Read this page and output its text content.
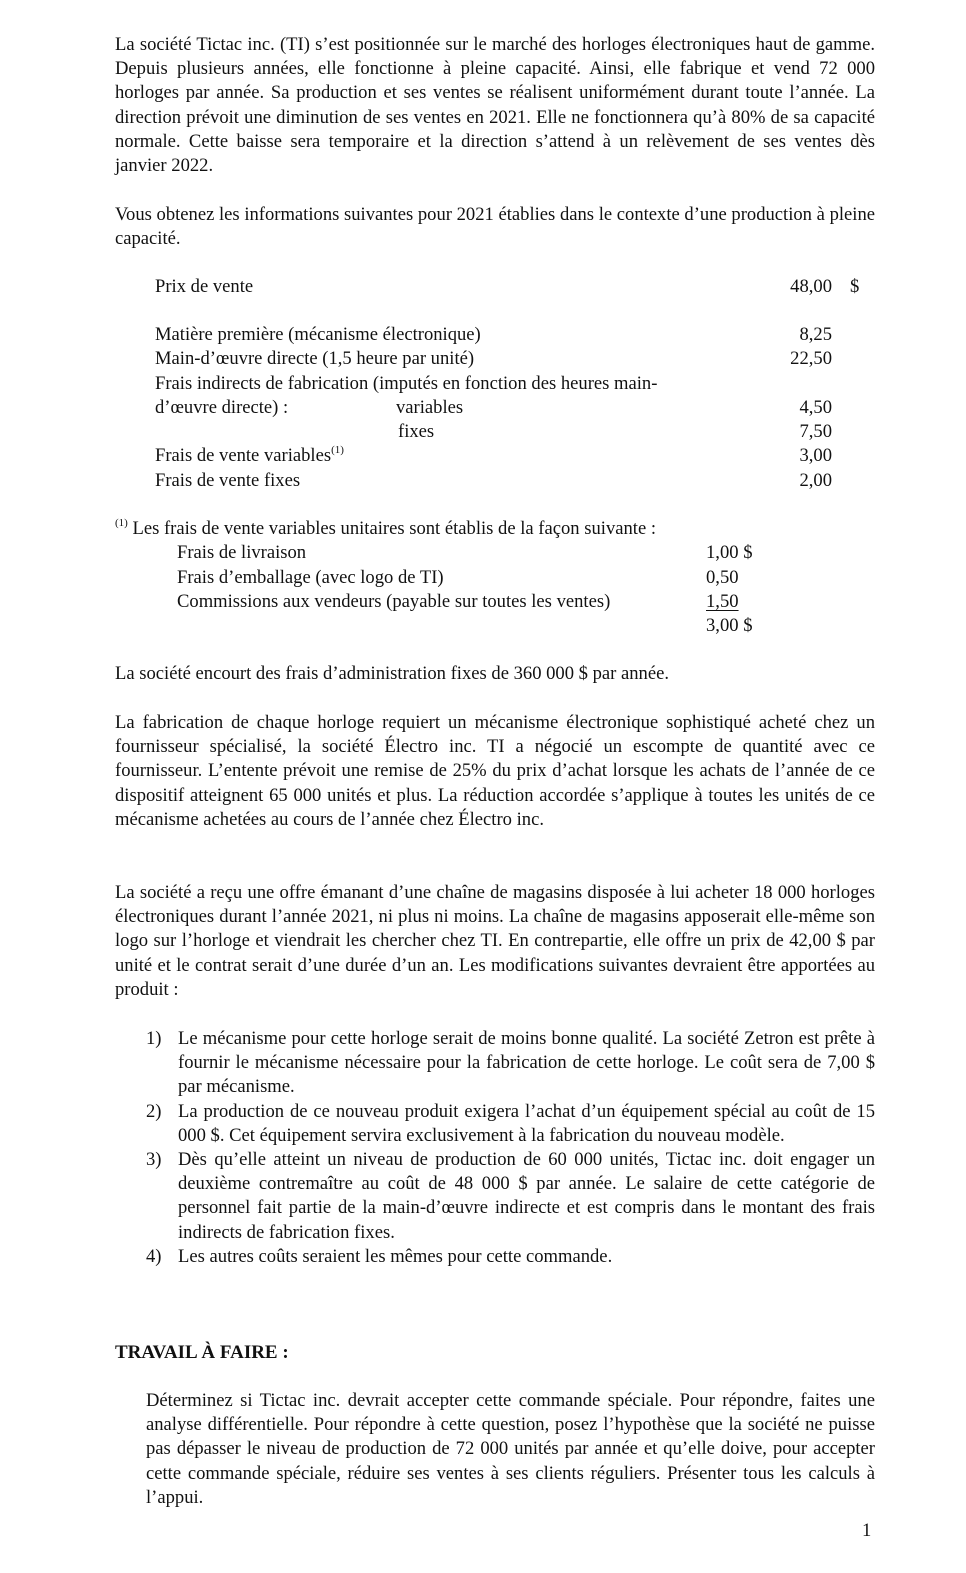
La société Tictac inc. (TI) s’est positionnée sur le marché des horloges électroniques haut de gamme. Depuis plusieurs années, elle fonctionne à pleine capacité. Ainsi, elle fabrique et vend 72 000 horloges par année. Sa production et ses ventes se réalisent uniformément durant toute l’année. La direction prévoit une diminution de ses ventes en 2021. Elle ne fonctionnera qu’à 80% de sa capacité normale. Cette baisse sera temporaire et la direction s’attend à un relèvement de ses ventes dès janvier 2022.

Vous obtenez les informations suivantes pour 2021 établies dans le contexte d’une production à pleine capacité.

Prix de vente	48,00 $
Matière première (mécanisme électronique)	8,25
Main-d’œuvre directe (1,5 heure par unité)	22,50
Frais indirects de fabrication (imputés en fonction des heures main-
d’œuvre directe) :	variables	4,50
fixes	7,50
Frais de vente variables$^{(1)}$	3,00
Frais de vente fixes	2,00
$^{(1)}$ Les frais de vente variables unitaires sont établis de la façon suivante :
Frais de livraison	1,00 $
Frais d’emballage (avec logo de TI)	0,50
Commissions aux vendeurs (payable sur toutes les ventes)	1,50
3,00 $
La société encourt des frais d’administration fixes de 360 000 $ par année.

La fabrication de chaque horloge requiert un mécanisme électronique sophistiqué acheté chez un fournisseur spécialisé, la société Électro inc. TI a négocié un escompte de quantité avec ce fournisseur. L’entente prévoit une remise de 25% du prix d’achat lorsque les achats de l’année de ce dispositif atteignent 65 000 unités et plus. La réduction accordée s’applique à toutes les unités de ce mécanisme achetées au cours de l’année chez Électro inc.

La société a reçu une offre émanant d’une chaîne de magasins disposée à lui acheter 18 000 horloges électroniques durant l’année 2021, ni plus ni moins. La chaîne de magasins apposerait elle-même son logo sur l’horloge et viendrait les chercher chez TI. En contrepartie, elle offre un prix de 42,00 $ par unité et le contrat serait d’une durée d’un an. Les modifications suivantes devraient être apportées au produit :

1) Le mécanisme pour cette horloge serait de moins bonne qualité. La société Zetron est prête à fournir le mécanisme nécessaire pour la fabrication de cette horloge. Le coût sera de 7,00 $ par mécanisme.
2) La production de ce nouveau produit exigera l’achat d’un équipement spécial au coût de 15 000 $. Cet équipement servira exclusivement à la fabrication du nouveau modèle.
3) Dès qu’elle atteint un niveau de production de 60 000 unités, Tictac inc. doit engager un deuxième contremaître au coût de 48 000 $ par année. Le salaire de cette catégorie de personnel fait partie de la main-d’œuvre indirecte et est compris dans le montant des frais indirects de fabrication fixes.
4) Les autres coûts seraient les mêmes pour cette commande.
TRAVAIL À FAIRE :

Déterminez si Tictac inc. devrait accepter cette commande spéciale. Pour répondre, faites une analyse différentielle. Pour répondre à cette question, posez l’hypothèse que la société ne puisse pas dépasser le niveau de production de 72 000 unités par année et qu’elle doive, pour accepter cette commande spéciale, réduire ses ventes à ses clients réguliers. Présenter tous les calculs à l’appui.

1
